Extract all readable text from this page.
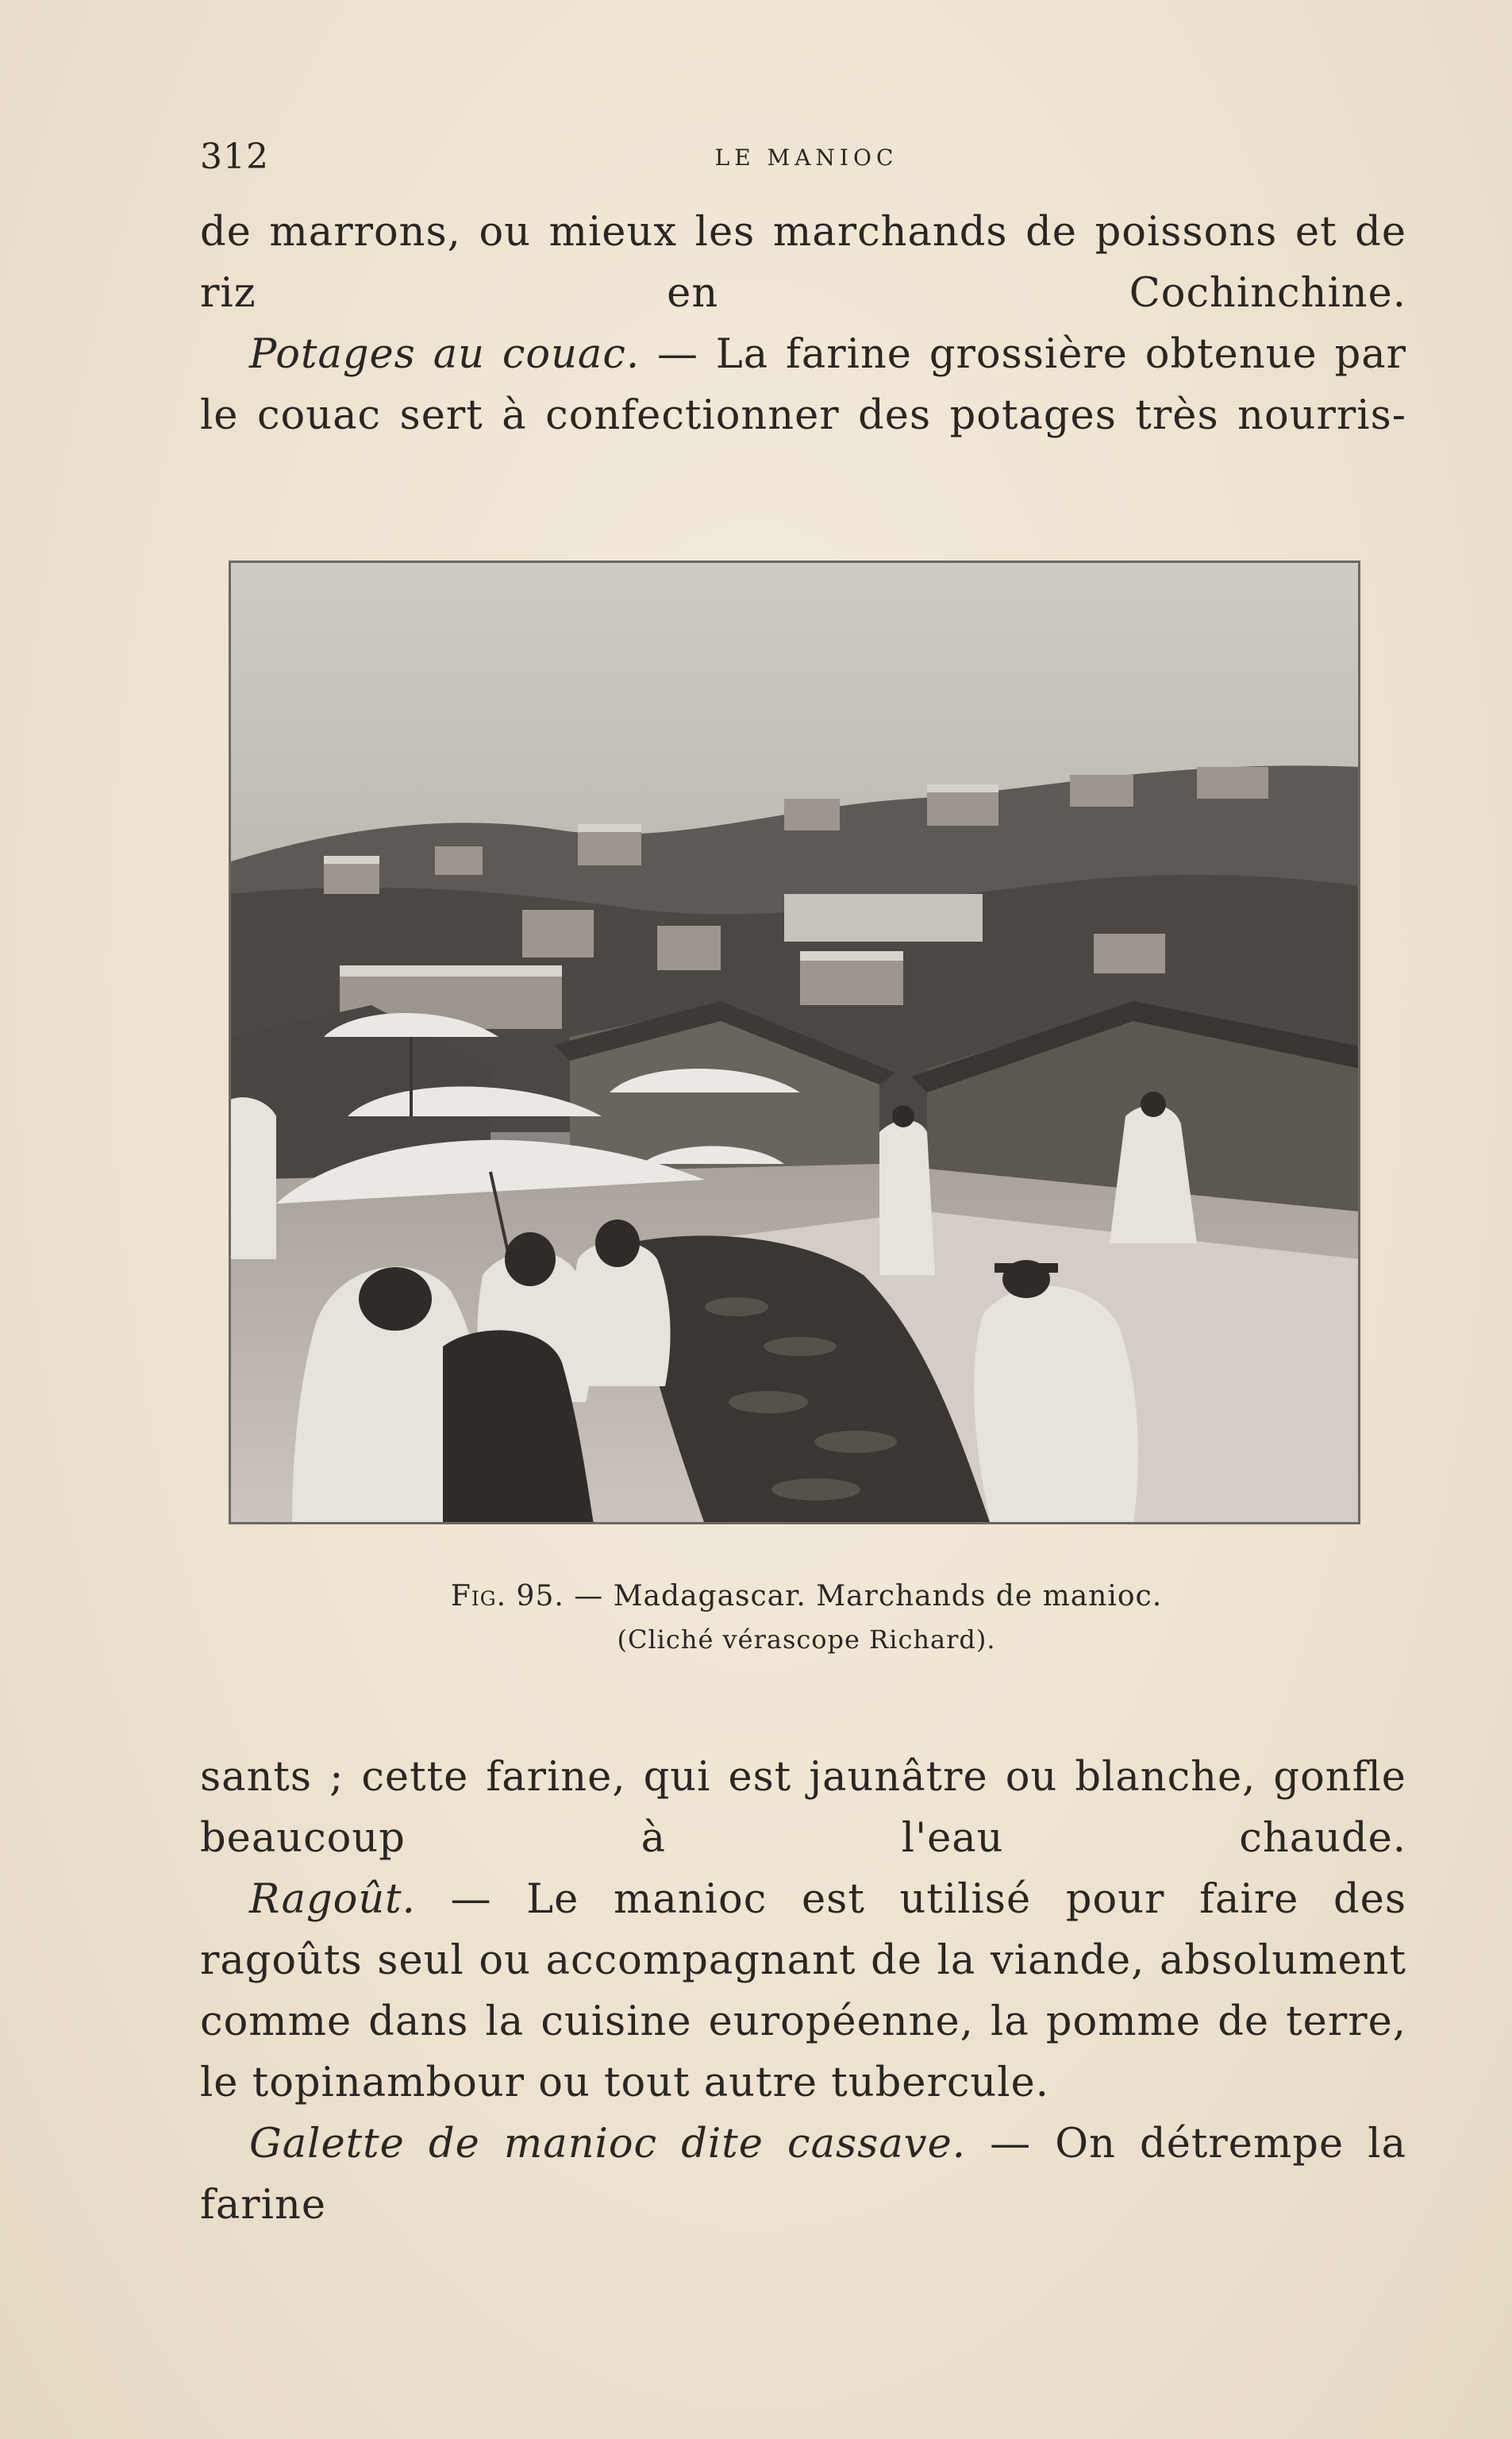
312	LE MANIOC

de marrons, ou mieux les marchands de poissons et de riz en Cochinchine.

Potages au couac. — La farine grossière obtenue par le couac sert à confectionner des potages très nourris-

Fig. 95. — Madagascar. Marchands de manioc.
(Cliché vérascope Richard).

sants ; cette farine, qui est jaunâtre ou blanche, gonfle beaucoup à l'eau chaude.

Ragoût. — Le manioc est utilisé pour faire des ragoûts seul ou accompagnant de la viande, absolument comme dans la cuisine européenne, la pomme de terre, le topinambour ou tout autre tubercule.

Galette de manioc dite cassave. — On détrempe la farine
